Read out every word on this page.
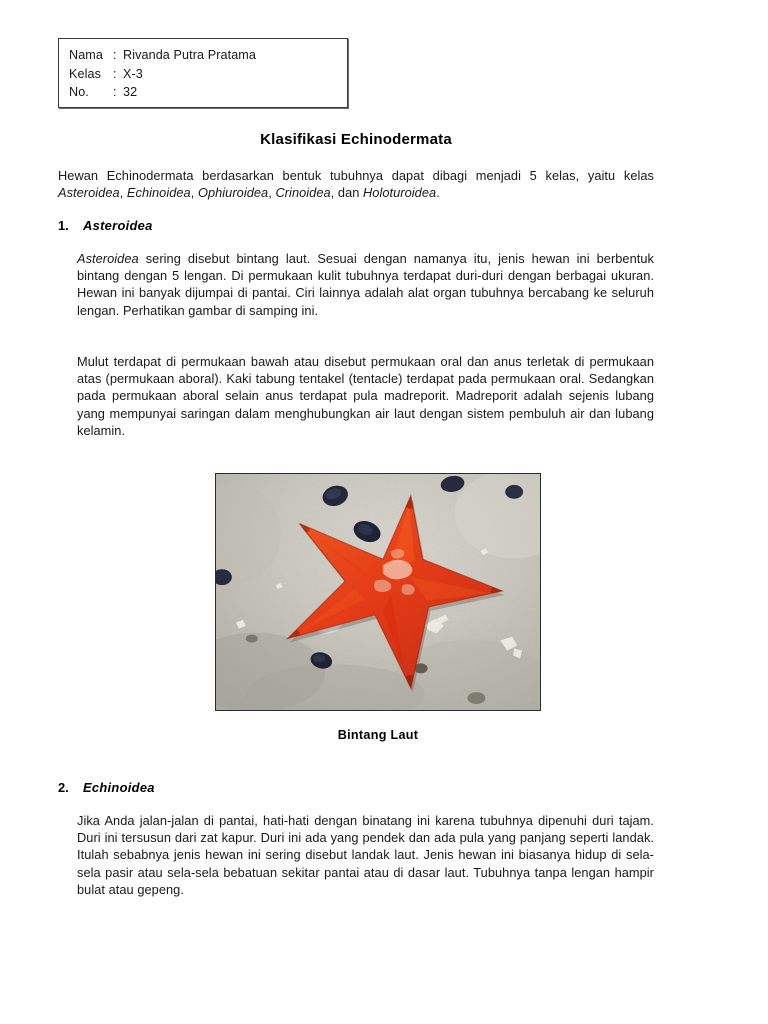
Nama : Rivanda Putra Pratama
Kelas : X-3
No. : 32
Klasifikasi Echinodermata
Hewan Echinodermata berdasarkan bentuk tubuhnya dapat dibagi menjadi 5 kelas, yaitu kelas Asteroidea, Echinoidea, Ophiuroidea, Crinoidea, dan Holoturoidea.
1. Asteroidea
Asteroidea sering disebut bintang laut. Sesuai dengan namanya itu, jenis hewan ini berbentuk bintang dengan 5 lengan. Di permukaan kulit tubuhnya terdapat duri-duri dengan berbagai ukuran. Hewan ini banyak dijumpai di pantai. Ciri lainnya adalah alat organ tubuhnya bercabang ke seluruh lengan. Perhatikan gambar di samping ini.
Mulut terdapat di permukaan bawah atau disebut permukaan oral dan anus terletak di permukaan atas (permukaan aboral). Kaki tabung tentakel (tentacle) terdapat pada permukaan oral. Sedangkan pada permukaan aboral selain anus terdapat pula madreporit. Madreporit adalah sejenis lubang yang mempunyai saringan dalam menghubungkan air laut dengan sistem pembuluh air dan lubang kelamin.
Bintang Laut
2. Echinoidea
Jika Anda jalan-jalan di pantai, hati-hati dengan binatang ini karena tubuhnya dipenuhi duri tajam. Duri ini tersusun dari zat kapur. Duri ini ada yang pendek dan ada pula yang panjang seperti landak. Itulah sebabnya jenis hewan ini sering disebut landak laut. Jenis hewan ini biasanya hidup di sela-sela pasir atau sela-sela bebatuan sekitar pantai atau di dasar laut. Tubuhnya tanpa lengan hampir bulat atau gepeng.
